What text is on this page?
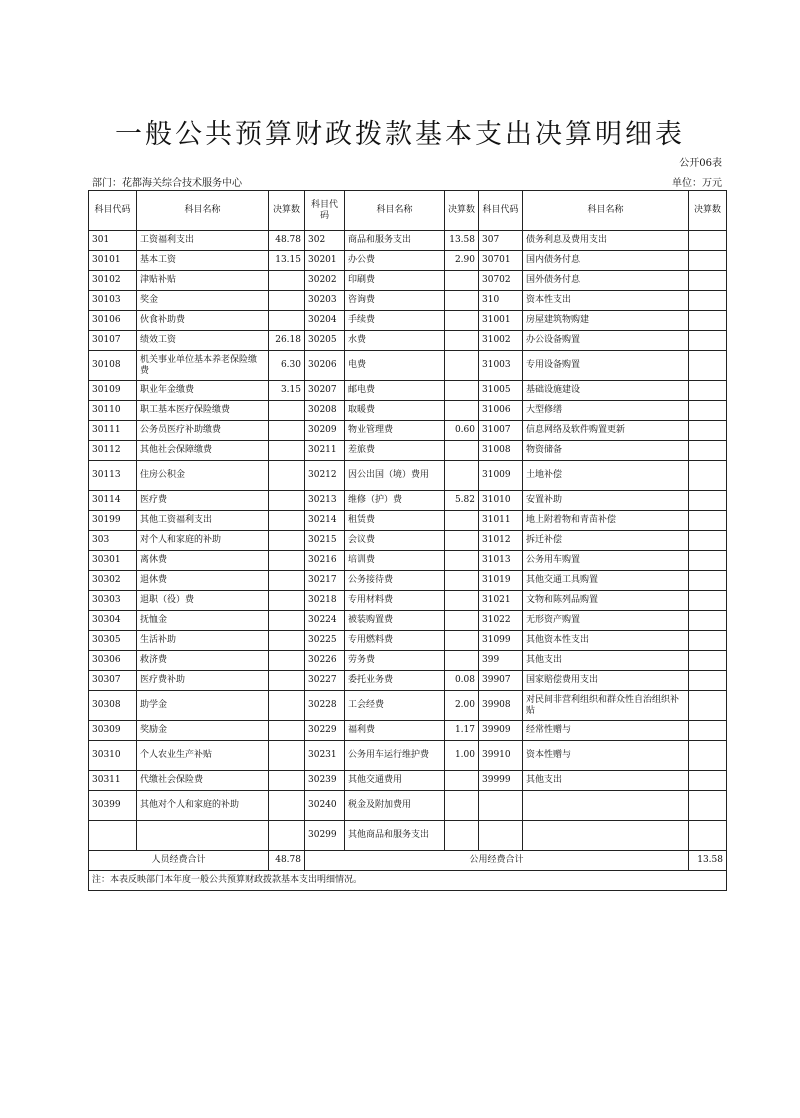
一般公共预算财政拨款基本支出决算明细表
公开06表
部门：花都海关综合技术服务中心	单位：万元
科目代码	科目名称	决算数	科目代码	科目名称	决算数	科目代码	科目名称	决算数
301	工资福利支出	48.78	302	商品和服务支出	13.58	307	债务利息及费用支出	
30101	基本工资	13.15	30201	办公费	2.90	30701	国内债务付息	
30102	津贴补贴		30202	印刷费		30702	国外债务付息	
30103	奖金		30203	咨询费		310	资本性支出	
30106	伙食补助费		30204	手续费		31001	房屋建筑物购建	
30107	绩效工资	26.18	30205	水费		31002	办公设备购置	
30108	机关事业单位基本养老保险缴费	6.30	30206	电费		31003	专用设备购置	
30109	职业年金缴费	3.15	30207	邮电费		31005	基础设施建设	
30110	职工基本医疗保险缴费		30208	取暖费		31006	大型修缮	
30111	公务员医疗补助缴费		30209	物业管理费	0.60	31007	信息网络及软件购置更新	
30112	其他社会保障缴费		30211	差旅费		31008	物资储备	
30113	住房公积金		30212	因公出国（境）费用		31009	土地补偿	
30114	医疗费		30213	维修（护）费	5.82	31010	安置补助	
30199	其他工资福利支出		30214	租赁费		31011	地上附着物和青苗补偿	
303	对个人和家庭的补助		30215	会议费		31012	拆迁补偿	
30301	离休费		30216	培训费		31013	公务用车购置	
30302	退休费		30217	公务接待费		31019	其他交通工具购置	
30303	退职（役）费		30218	专用材料费		31021	文物和陈列品购置	
30304	抚恤金		30224	被装购置费		31022	无形资产购置	
30305	生活补助		30225	专用燃料费		31099	其他资本性支出	
30306	救济费		30226	劳务费		399	其他支出	
30307	医疗费补助		30227	委托业务费	0.08	39907	国家赔偿费用支出	
30308	助学金		30228	工会经费	2.00	39908	对民间非营利组织和群众性自治组织补贴	
30309	奖励金		30229	福利费	1.17	39909	经常性赠与	
30310	个人农业生产补贴		30231	公务用车运行维护费	1.00	39910	资本性赠与	
30311	代缴社会保险费		30239	其他交通费用		39999	其他支出	
30399	其他对个人和家庭的补助		30240	税金及附加费用				
			30299	其他商品和服务支出				
人员经费合计		48.78	公用经费合计					13.58
注：本表反映部门本年度一般公共预算财政拨款基本支出明细情况。								
